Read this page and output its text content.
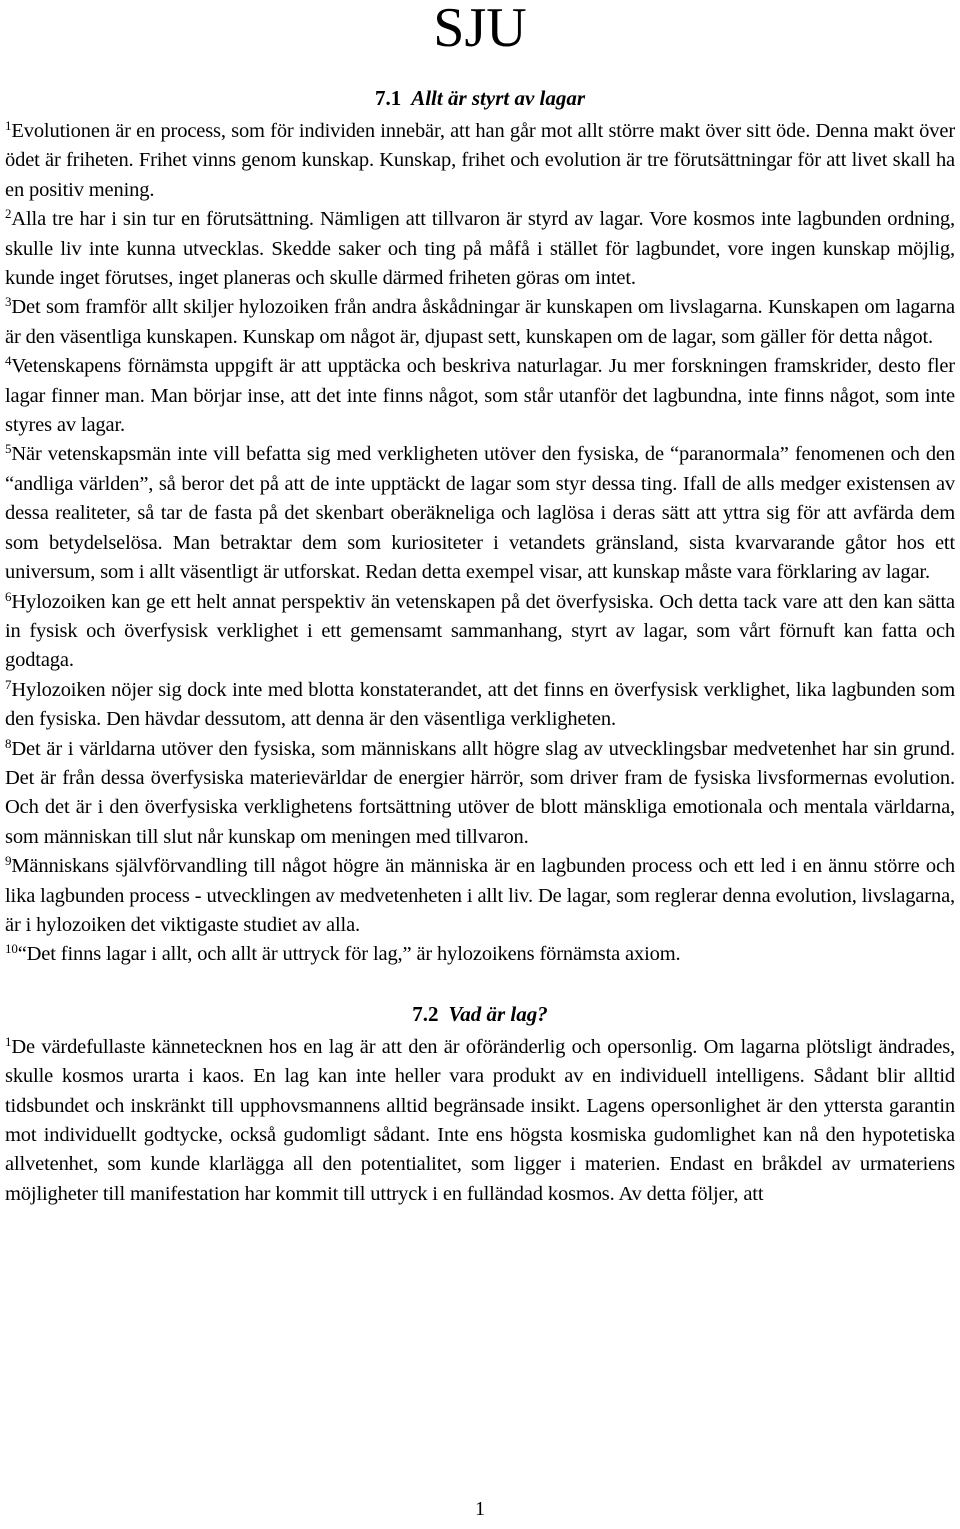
SJU
7.1 Allt är styrt av lagar

$^1$Evolutionen är en process, som för individen innebär, att han går mot allt större makt över sitt öde. Denna makt över ödet är friheten. Frihet vinns genom kunskap. Kunskap, frihet och evolution är tre förutsättningar för att livet skall ha en positiv mening.

$^2$Alla tre har i sin tur en förutsättning. Nämligen att tillvaron är styrd av lagar. Vore kosmos inte lagbunden ordning, skulle liv inte kunna utvecklas. Skedde saker och ting på måfå i stället för lagbundet, vore ingen kunskap möjlig, kunde inget förutses, inget planeras och skulle därmed friheten göras om intet.

$^3$Det som framför allt skiljer hylozoiken från andra åskådningar är kunskapen om livslagarna. Kunskapen om lagarna är den väsentliga kunskapen. Kunskap om något är, djupast sett, kunskapen om de lagar, som gäller för detta något.

$^4$Vetenskapens förnämsta uppgift är att upptäcka och beskriva naturlagar. Ju mer forskningen framskrider, desto fler lagar finner man. Man börjar inse, att det inte finns något, som står utanför det lagbundna, inte finns något, som inte styres av lagar.

$^5$När vetenskapsmän inte vill befatta sig med verkligheten utöver den fysiska, de “paranormala” fenomenen och den “andliga världen”, så beror det på att de inte upptäckt de lagar som styr dessa ting. Ifall de alls medger existensen av dessa realiteter, så tar de fasta på det skenbart oberäkneliga och laglösa i deras sätt att yttra sig för att avfärda dem som betydelselösa. Man betraktar dem som kuriositeter i vetandets gränsland, sista kvarvarande gåtor hos ett universum, som i allt väsentligt är utforskat. Redan detta exempel visar, att kunskap måste vara förklaring av lagar.

$^6$Hylozoiken kan ge ett helt annat perspektiv än vetenskapen på det överfysiska. Och detta tack vare att den kan sätta in fysisk och överfysisk verklighet i ett gemensamt sammanhang, styrt av lagar, som vårt förnuft kan fatta och godtaga.

$^7$Hylozoiken nöjer sig dock inte med blotta konstaterandet, att det finns en överfysisk verklighet, lika lagbunden som den fysiska. Den hävdar dessutom, att denna är den väsentliga verkligheten.

$^8$Det är i världarna utöver den fysiska, som människans allt högre slag av utvecklingsbar medvetenhet har sin grund. Det är från dessa överfysiska materievärldar de energier härrör, som driver fram de fysiska livsformernas evolution. Och det är i den överfysiska verklighetens fortsättning utöver de blott mänskliga emotionala och mentala världarna, som människan till slut når kunskap om meningen med tillvaron.

$^9$Människans självförvandling till något högre än människa är en lagbunden process och ett led i en ännu större och lika lagbunden process - utvecklingen av medvetenheten i allt liv. De lagar, som reglerar denna evolution, livslagarna, är i hylozoiken det viktigaste studiet av alla.

$^{10}$“Det finns lagar i allt, och allt är uttryck för lag,” är hylozoikens förnämsta axiom.

7.2 Vad är lag?

$^1$De värdefullaste kännetecknen hos en lag är att den är oföränderlig och opersonlig. Om lagarna plötsligt ändrades, skulle kosmos urarta i kaos. En lag kan inte heller vara produkt av en individuell intelligens. Sådant blir alltid tidsbundet och inskränkt till upphovsmannens alltid begränsade insikt. Lagens opersonlighet är den yttersta garantin mot individuellt godtycke, också gudomligt sådant. Inte ens högsta kosmiska gudomlighet kan nå den hypotetiska allvetenhet, som kunde klarlägga all den potentialitet, som ligger i materien. Endast en bråkdel av urmateriens möjligheter till manifestation har kommit till uttryck i en fulländad kosmos. Av detta följer, att

1
